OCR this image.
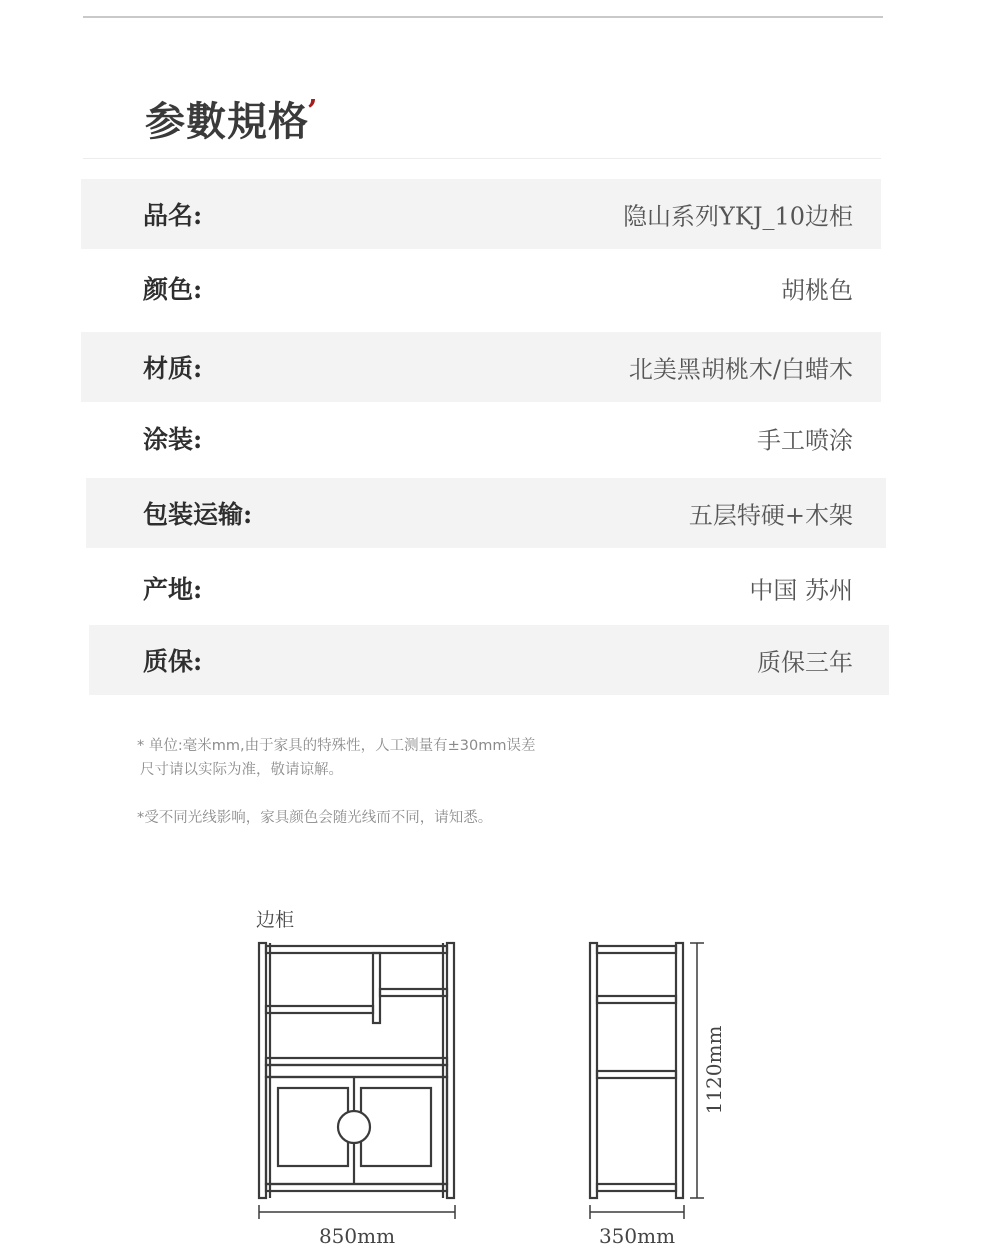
参數規格’
品名:	隐山系列YKJ_10边柜
颜色:	胡桃色
材质:	北美黑胡桃木/白蜡木
涂装:	手工喷涂
包装运输:	五层特硬+木架
产地:	中国 苏州
质保:	质保三年
* 单位:毫米mm,由于家具的特殊性，人工测量有±30mm误差
尺寸请以实际为准，敬请谅解。
*受不同光线影响，家具颜色会随光线而不同，请知悉。
边柜
850mm	350mm
1120mm
